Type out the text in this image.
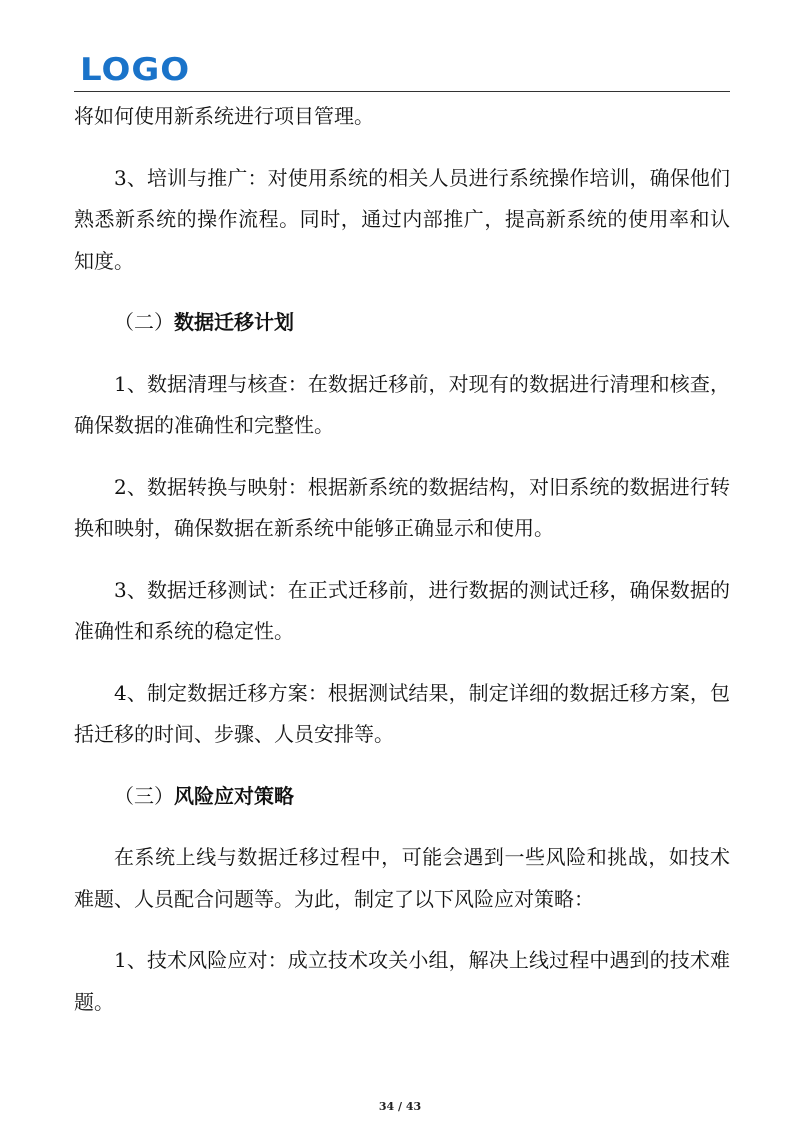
LOGO

将如何使用新系统进行项目管理。

3、培训与推广：对使用系统的相关人员进行系统操作培训，确保他们熟悉新系统的操作流程。同时，通过内部推广，提高新系统的使用率和认知度。

（二）数据迁移计划

1、数据清理与核查：在数据迁移前，对现有的数据进行清理和核查，确保数据的准确性和完整性。

2、数据转换与映射：根据新系统的数据结构，对旧系统的数据进行转换和映射，确保数据在新系统中能够正确显示和使用。

3、数据迁移测试：在正式迁移前，进行数据的测试迁移，确保数据的准确性和系统的稳定性。

4、制定数据迁移方案：根据测试结果，制定详细的数据迁移方案，包括迁移的时间、步骤、人员安排等。

（三）风险应对策略

在系统上线与数据迁移过程中，可能会遇到一些风险和挑战，如技术难题、人员配合问题等。为此，制定了以下风险应对策略：

1、技术风险应对：成立技术攻关小组，解决上线过程中遇到的技术难题。

34 / 43
